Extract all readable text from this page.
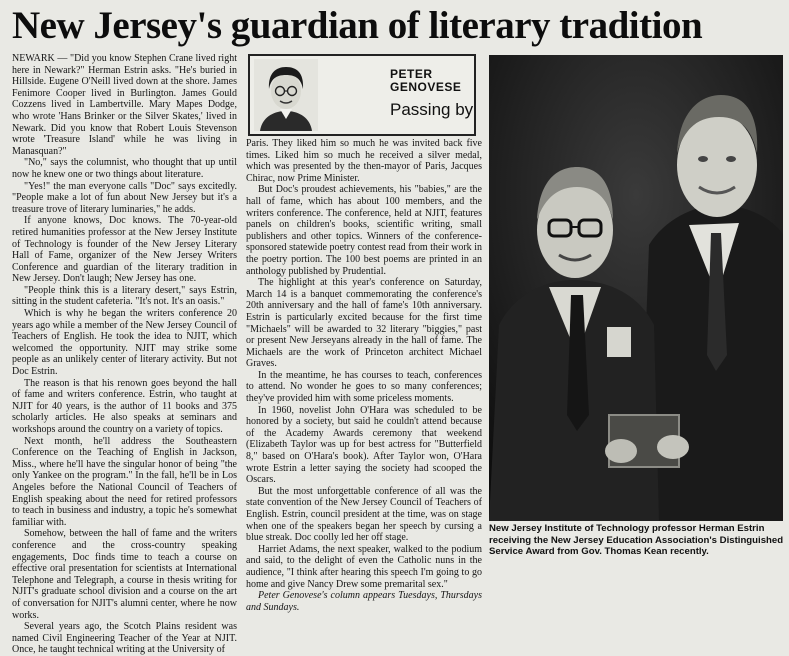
New Jersey's guardian of literary tradition

NEWARK — "Did you know Stephen Crane lived right here in Newark?" Herman Estrin asks. "He's buried in Hillside. Eugene O'Neill lived down at the shore. James Fenimore Cooper lived in Burlington. James Gould Cozzens lived in Lambertville. Mary Mapes Dodge, who wrote 'Hans Brinker or the Silver Skates,' lived in Newark. Did you know that Robert Louis Stevenson wrote 'Treasure Island' while he was living in Manasquan?"

"No," says the columnist, who thought that up until now he knew one or two things about literature.

"Yes!" the man everyone calls "Doc" says excitedly. "People make a lot of fun about New Jersey but it's a treasure trove of literary luminaries," he adds.

If anyone knows, Doc knows. The 70-year-old retired humanities professor at the New Jersey Institute of Technology is founder of the New Jersey Literary Hall of Fame, organizer of the New Jersey Writers Conference and guardian of the literary tradition in New Jersey. Don't laugh; New Jersey has one.

"People think this is a literary desert," says Estrin, sitting in the student cafeteria. "It's not. It's an oasis."

Which is why he began the writers conference 20 years ago while a member of the New Jersey Council of Teachers of English. He took the idea to NJIT, which welcomed the opportunity. NJIT may strike some people as an unlikely center of literary activity. But not Doc Estrin.

The reason is that his renown goes beyond the hall of fame and writers conference. Estrin, who taught at NJIT for 40 years, is the author of 11 books and 375 scholarly articles. He also speaks at seminars and workshops around the country on a variety of topics.

Next month, he'll address the Southeastern Conference on the Teaching of English in Jackson, Miss., where he'll have the singular honor of being "the only Yankee on the program." In the fall, he'll be in Los Angeles before the National Council of Teachers of English speaking about the need for retired professors to teach in business and industry, a topic he's somewhat familiar with.

Somehow, between the hall of fame and the writers conference and the cross-country speaking engagements, Doc finds time to teach a course on effective oral presentation for scientists at International Telephone and Telegraph, a course in thesis writing for NJIT's graduate school division and a course on the art of conversation for NJIT's alumni center, where he now works.

Several years ago, the Scotch Plains resident was named Civil Engineering Teacher of the Year at NJIT. Once, he taught technical writing at the University of

PETER
GENOVESE
Passing by

Paris. They liked him so much he was invited back five times. Liked him so much he received a silver medal, which was presented by the then-mayor of Paris, Jacques Chirac, now Prime Minister.

But Doc's proudest achievements, his "babies," are the hall of fame, which has about 100 members, and the writers conference. The conference, held at NJIT, features panels on children's books, scientific writing, small publishers and other topics. Winners of the conference-sponsored statewide poetry contest read from their work in the poetry portion. The 100 best poems are printed in an anthology published by Prudential.

The highlight at this year's conference on Saturday, March 14 is a banquet commemorating the conference's 20th anniversary and the hall of fame's 10th anniversary. Estrin is particularly excited because for the first time "Michaels" will be awarded to 32 literary "biggies," past or present New Jerseyans already in the hall of fame. The Michaels are the work of Princeton architect Michael Graves.

In the meantime, he has courses to teach, conferences to attend. No wonder he goes to so many conferences; they've provided him with some priceless moments.

In 1960, novelist John O'Hara was scheduled to be honored by a society, but said he couldn't attend because of the Academy Awards ceremony that weekend (Elizabeth Taylor was up for best actress for "Butterfield 8," based on O'Hara's book). After Taylor won, O'Hara wrote Estrin a letter saying the society had scooped the Oscars.

But the most unforgettable conference of all was the state convention of the New Jersey Council of Teachers of English. Estrin, council president at the time, was on stage when one of the speakers began her speech by cursing a blue streak. Doc coolly led her off stage.

Harriet Adams, the next speaker, walked to the podium and said, to the delight of even the Catholic nuns in the audience, "I think after hearing this speech I'm going to go home and give Nancy Drew some premarital sex."

Peter Genovese's column appears Tuesdays, Thursdays and Sundays.

New Jersey Institute of Technology professor Herman Estrin receiving the New Jersey Education Association's Distinguished Service Award from Gov. Thomas Kean recently.
